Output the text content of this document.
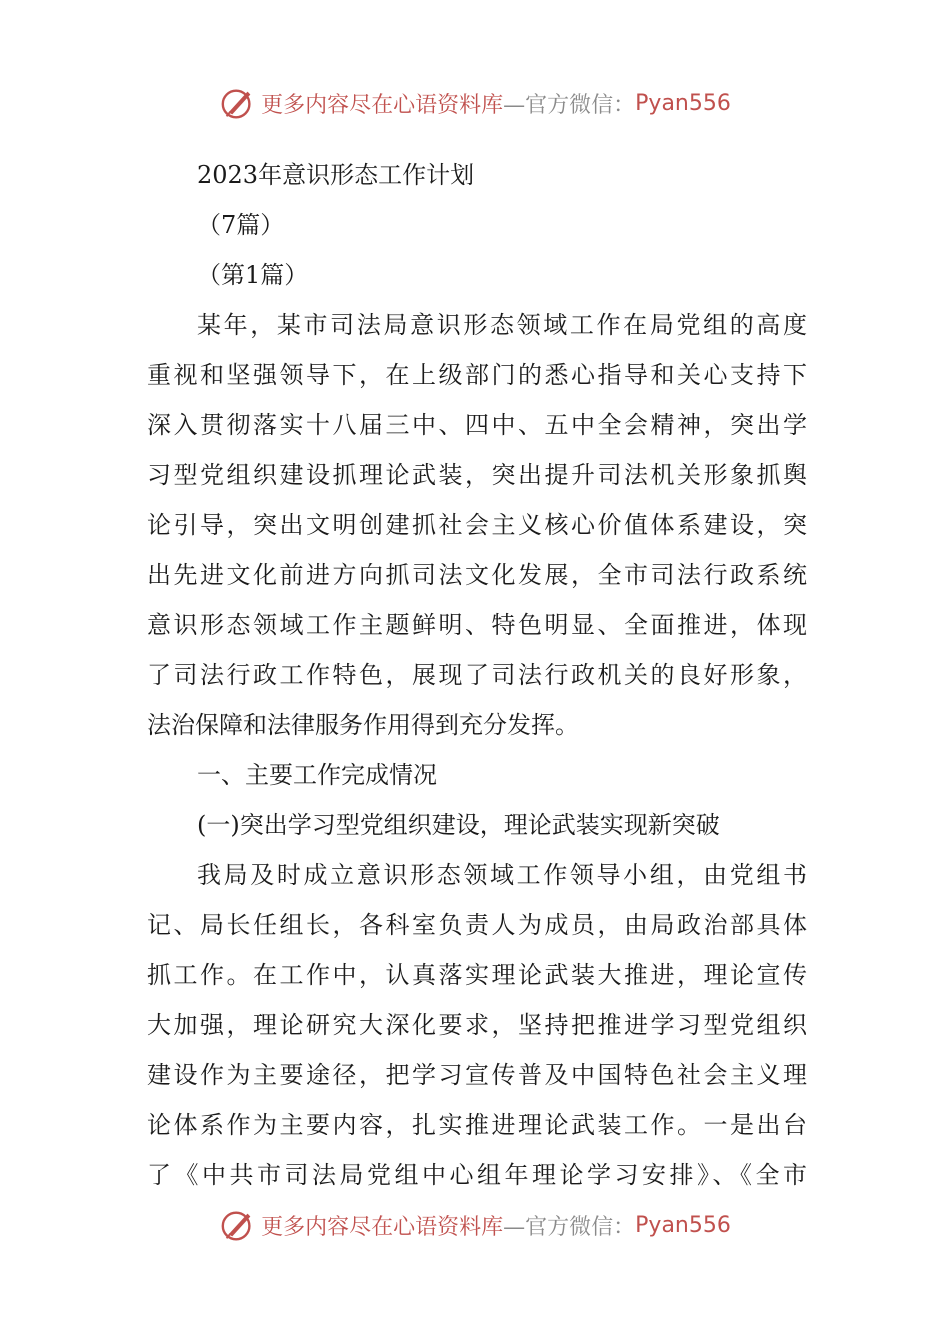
更多内容尽在心语资料库 —官方微信： Pyan556
2023年意识形态工作计划
（7篇）
（第1篇）
某年，某市司法局意识形态领域工作在局党组的高度
重视和坚强领导下，在上级部门的悉心指导和关心支持下
深入贯彻落实十八届三中、四中、五中全会精神，突出学
习型党组织建设抓理论武装，突出提升司法机关形象抓舆
论引导，突出文明创建抓社会主义核心价值体系建设，突
出先进文化前进方向抓司法文化发展，全市司法行政系统
意识形态领域工作主题鲜明、特色明显、全面推进，体现
了司法行政工作特色，展现了司法行政机关的良好形象，
法治保障和法律服务作用得到充分发挥。
一、主要工作完成情况
(一)突出学习型党组织建设，理论武装实现新突破
我局及时成立意识形态领域工作领导小组，由党组书
记、局长任组长，各科室负责人为成员，由局政治部具体
抓工作。在工作中，认真落实理论武装大推进，理论宣传
大加强，理论研究大深化要求，坚持把推进学习型党组织
建设作为主要途径，把学习宣传普及中国特色社会主义理
论体系作为主要内容，扎实推进理论武装工作。一是出台
了《中共市司法局党组中心组年理论学习安排》、《全市
更多内容尽在心语资料库 —官方微信： Pyan556
